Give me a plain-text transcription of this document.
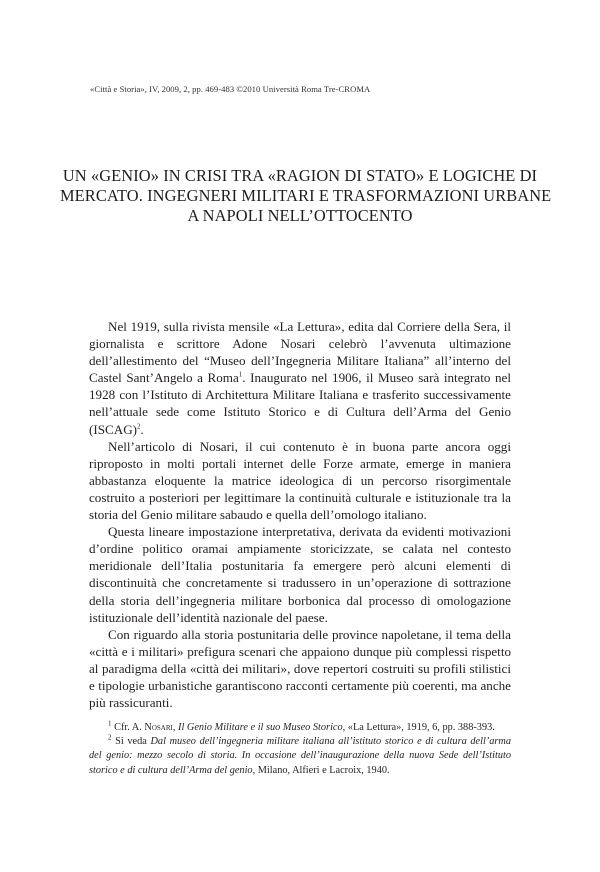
«Città e Storia», IV, 2009, 2, pp. 469-483 ©2010 Università Roma Tre-CROMA
UN «GENIO» IN CRISI TRA «RAGION DI STATO» E LOGICHE DI
MERCATO. INGEGNERI MILITARI E TRASFORMAZIONI URBANE
A NAPOLI NELL’OTTOCENTO

Nel 1919, sulla rivista mensile «La Lettura», edita dal Corriere della Sera, il giornalista e scrittore Adone Nosari celebrò l’avvenuta ultimazione dell’allestimento del “Museo dell’Ingegneria Militare Italiana” all’interno del Castel Sant’Angelo a Roma$^1$. Inaugurato nel 1906, il Museo sarà integrato nel 1928 con l’Istituto di Architettura Militare Italiana e trasferito successivamente nell’attuale sede come Istituto Storico e di Cultura dell’Arma del Genio (ISCAG)$^2$.

Nell’articolo di Nosari, il cui contenuto è in buona parte ancora oggi riproposto in molti portali internet delle Forze armate, emerge in maniera abbastanza eloquente la matrice ideologica di un percorso risorgimentale costruito a posteriori per legittimare la continuità culturale e istituzionale tra la storia del Genio militare sabaudo e quella dell’omologo italiano.

Questa lineare impostazione interpretativa, derivata da evidenti motivazioni d’ordine politico oramai ampiamente storicizzate, se calata nel contesto meridionale dell’Italia postunitaria fa emergere però alcuni elementi di discontinuità che concretamente si tradussero in un’operazione di sottrazione della storia dell’ingegneria militare borbonica dal processo di omologazione istituzionale dell’identità nazionale del paese.

Con riguardo alla storia postunitaria delle province napoletane, il tema della «città e i militari» prefigura scenari che appaiono dunque più complessi rispetto al paradigma della «città dei militari», dove repertori costruiti su profili stilistici e tipologie urbanistiche garantiscono racconti certamente più coerenti, ma anche più rassicuranti.

$^1$ Cfr. A. Nosari, Il Genio Militare e il suo Museo Storico, «La Lettura», 1919, 6, pp. 388-393.

$^2$ Si veda Dal museo dell’ingegneria militare italiana all’istituto storico e di cultura dell’arma del genio: mezzo secolo di storia. In occasione dell’inaugurazione della nuova Sede dell’Istituto storico e di cultura dell’Arma del genio, Milano, Alfieri e Lacroix, 1940.
